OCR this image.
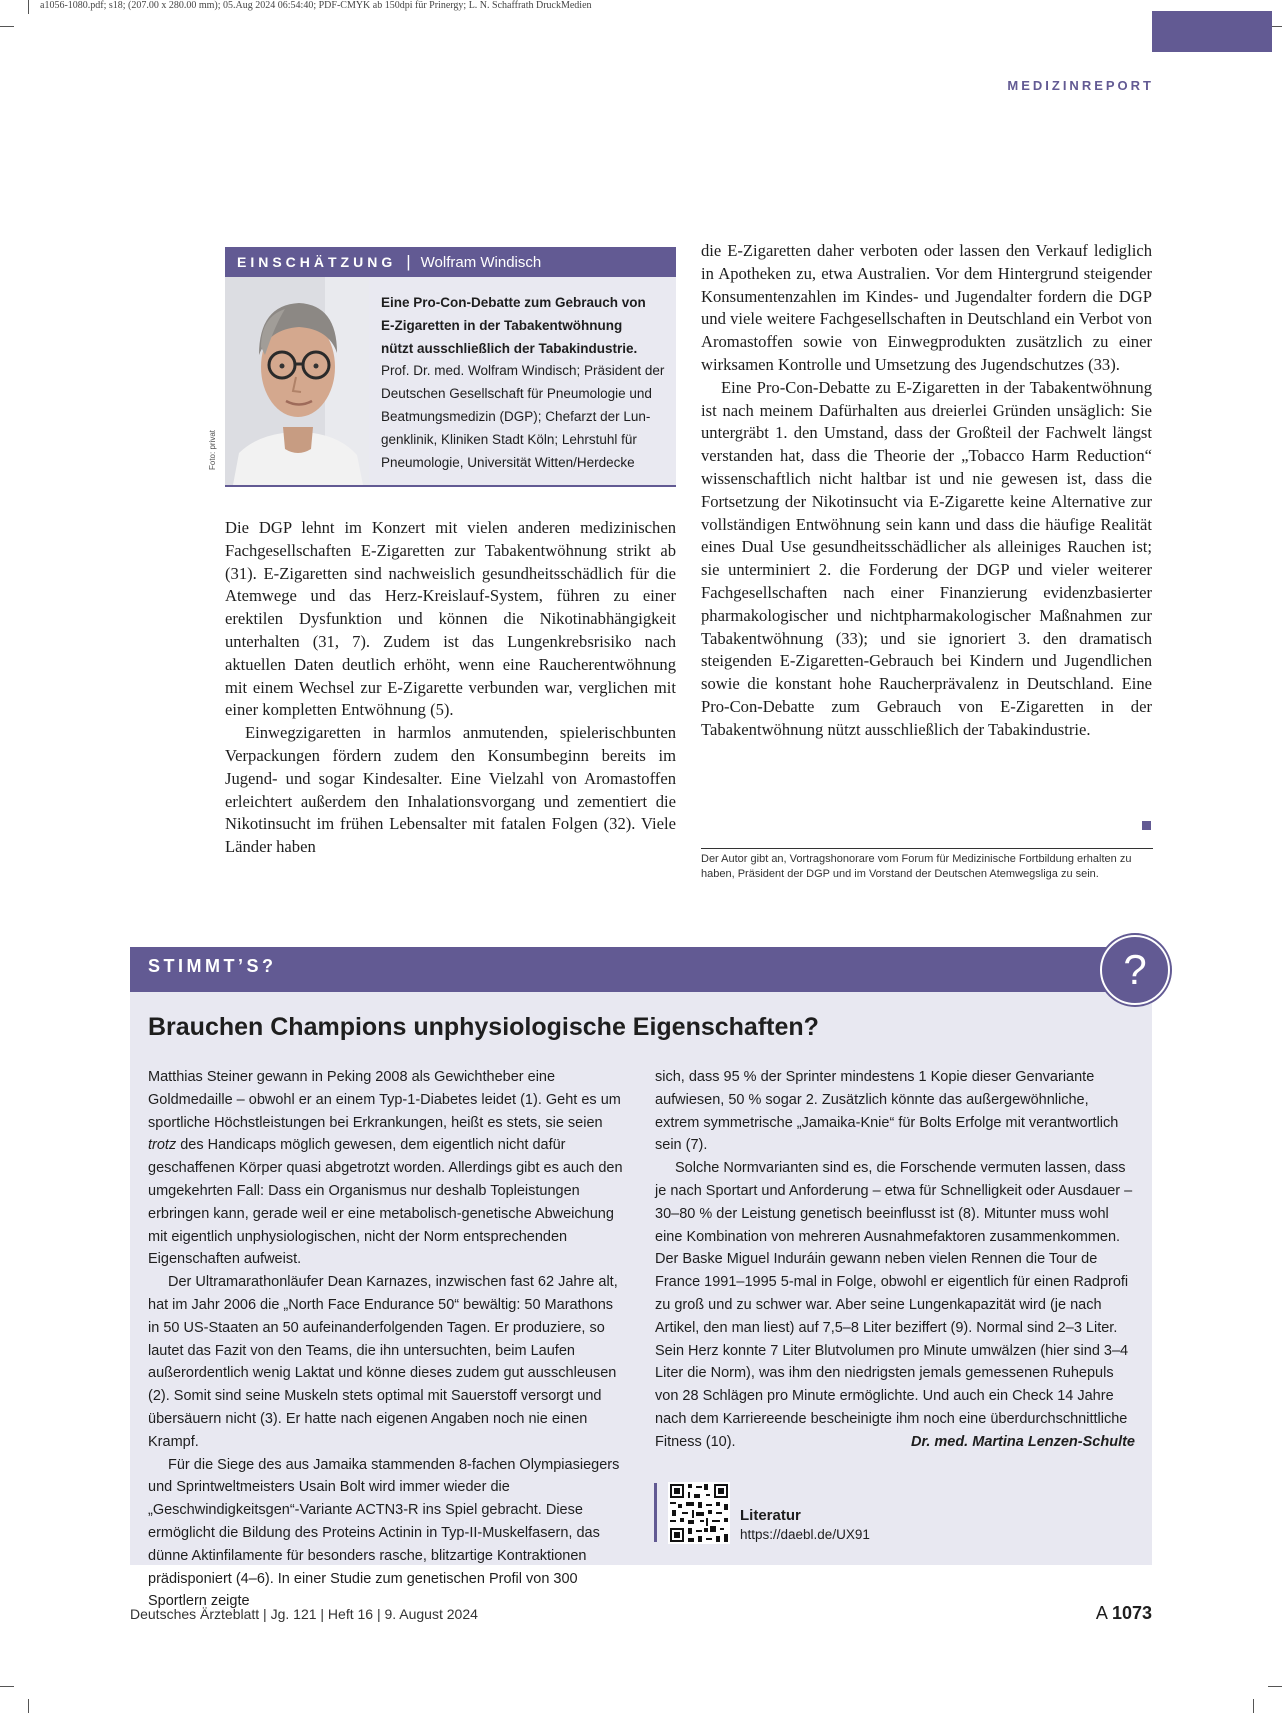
a1056-1080.pdf; s18; (207.00 x 280.00 mm); 05.Aug 2024 06:54:40; PDF-CMYK ab 150dpi für Prinergy; L. N. Schaffrath DruckMedien
MEDIZINREPORT
EINSCHÄTZUNG | Wolfram Windisch
Foto: privat
Eine Pro-Con-Debatte zum Gebrauch von
E-Zigaretten in der Tabakentwöhnung
nützt ausschließlich der Tabakindustrie.
Prof. Dr. med. Wolfram Windisch; Präsident der
Deutschen Gesellschaft für Pneumologie und
Beatmungsmedizin (DGP); Chefarzt der Lun-
genklinik, Kliniken Stadt Köln; Lehrstuhl für
Pneumologie, Universität Witten/Herdecke

Die DGP lehnt im Konzert mit vielen anderen medizinischen Fachgesellschaften E-Zigaretten zur Tabakentwöhnung strikt ab (31). E-Zigaretten sind nachweislich gesundheitsschädlich für die Atemwege und das Herz-Kreislauf-System, führen zu einer erektilen Dysfunktion und können die Nikotinabhängigkeit unterhalten (31, 7). Zudem ist das Lungenkrebsrisiko nach aktuellen Daten deutlich erhöht, wenn eine Raucherentwöhnung mit einem Wechsel zur E-Zigarette verbunden war, verglichen mit einer kompletten Entwöhnung (5).

Einwegzigaretten in harmlos anmutenden, spielerischbunten Verpackungen fördern zudem den Konsumbeginn bereits im Jugend- und sogar Kindesalter. Eine Vielzahl von Aromastoffen erleichtert außerdem den Inhalationsvorgang und zementiert die Nikotinsucht im frühen Lebensalter mit fatalen Folgen (32). Viele Länder haben

die E-Zigaretten daher verboten oder lassen den Verkauf lediglich in Apotheken zu, etwa Australien. Vor dem Hintergrund steigender Konsumentenzahlen im Kindes- und Jugendalter fordern die DGP und viele weitere Fachgesellschaften in Deutschland ein Verbot von Aromastoffen sowie von Einwegprodukten zusätzlich zu einer wirksamen Kontrolle und Umsetzung des Jugendschutzes (33).

Eine Pro-Con-Debatte zu E-Zigaretten in der Tabakentwöhnung ist nach meinem Dafürhalten aus dreierlei Gründen unsäglich: Sie untergräbt 1. den Umstand, dass der Großteil der Fachwelt längst verstanden hat, dass die Theorie der „Tobacco Harm Reduction“ wissenschaftlich nicht haltbar ist und nie gewesen ist, dass die Fortsetzung der Nikotinsucht via E-Zigarette keine Alternative zur vollständigen Entwöhnung sein kann und dass die häufige Realität eines Dual Use gesundheitsschädlicher als alleiniges Rauchen ist; sie unterminiert 2. die Forderung der DGP und vieler weiterer Fachgesellschaften nach einer Finanzierung evidenzbasierter pharmakologischer und nichtpharmakologischer Maßnahmen zur Tabakentwöhnung (33); und sie ignoriert 3. den dramatisch steigenden E-Zigaretten-Gebrauch bei Kindern und Jugendlichen sowie die konstant hohe Raucherprävalenz in Deutschland. Eine Pro-Con-Debatte zum Gebrauch von E-Zigaretten in der Tabakentwöhnung nützt ausschließlich der Tabakindustrie.

Der Autor gibt an, Vortragshonorare vom Forum für Medizinische Fortbildung erhalten zu haben, Präsident der DGP und im Vorstand der Deutschen Atemwegsliga zu sein.
STIMMT’S?	?
Brauchen Champions unphysiologische Eigenschaften?

Matthias Steiner gewann in Peking 2008 als Gewichtheber eine Goldmedaille – obwohl er an einem Typ-1-Diabetes leidet (1). Geht es um sportliche Höchstleistungen bei Erkrankungen, heißt es stets, sie seien trotz des Handicaps möglich gewesen, dem eigentlich nicht dafür geschaffenen Körper quasi abgetrotzt worden. Allerdings gibt es auch den umgekehrten Fall: Dass ein Organismus nur deshalb Topleistungen erbringen kann, gerade weil er eine metabolisch-genetische Abweichung mit eigentlich unphysiologischen, nicht der Norm entsprechenden Eigenschaften aufweist.

Der Ultramarathonläufer Dean Karnazes, inzwischen fast 62 Jahre alt, hat im Jahr 2006 die „North Face Endurance 50“ bewältig: 50 Marathons in 50 US-Staaten an 50 aufeinanderfolgenden Tagen. Er produziere, so lautet das Fazit von den Teams, die ihn untersuchten, beim Laufen außerordentlich wenig Laktat und könne dieses zudem gut ausschleusen (2). Somit sind seine Muskeln stets optimal mit Sauerstoff versorgt und übersäuern nicht (3). Er hatte nach eigenen Angaben noch nie einen Krampf.

Für die Siege des aus Jamaika stammenden 8-fachen Olympiasiegers und Sprintweltmeisters Usain Bolt wird immer wieder die „Geschwindigkeitsgen“-Variante ACTN3-R ins Spiel gebracht. Diese ermöglicht die Bildung des Proteins Actinin in Typ-II-Muskelfasern, das dünne Aktinfilamente für besonders rasche, blitzartige Kontraktionen prädisponiert (4–6). In einer Studie zum genetischen Profil von 300 Sportlern zeigte

sich, dass 95 % der Sprinter mindestens 1 Kopie dieser Genvariante aufwiesen, 50 % sogar 2. Zusätzlich könnte das außergewöhnliche, extrem symmetrische „Jamaika-Knie“ für Bolts Erfolge mit verantwortlich sein (7).

Solche Normvarianten sind es, die Forschende vermuten lassen, dass je nach Sportart und Anforderung – etwa für Schnelligkeit oder Ausdauer – 30–80 % der Leistung genetisch beeinflusst ist (8). Mitunter muss wohl eine Kombination von mehreren Ausnahmefaktoren zusammenkommen. Der Baske Miguel Induráin gewann neben vielen Rennen die Tour de France 1991–1995 5-mal in Folge, obwohl er eigentlich für einen Radprofi zu groß und zu schwer war. Aber seine Lungenkapazität wird (je nach Artikel, den man liest) auf 7,5–8 Liter beziffert (9). Normal sind 2–3 Liter. Sein Herz konnte 7 Liter Blutvolumen pro Minute umwälzen (hier sind 3–4 Liter die Norm), was ihm den niedrigsten jemals gemessenen Ruhepuls von 28 Schlägen pro Minute ermöglichte. Und auch ein Check 14 Jahre nach dem Karriereende bescheinigte ihm noch eine überdurchschnittliche Fitness (10).	Dr. med. Martina Lenzen-Schulte

Literatur
https://daebl.de/UX91
Deutsches Ärzteblatt | Jg. 121 | Heft 16 | 9. August 2024	A 1073
